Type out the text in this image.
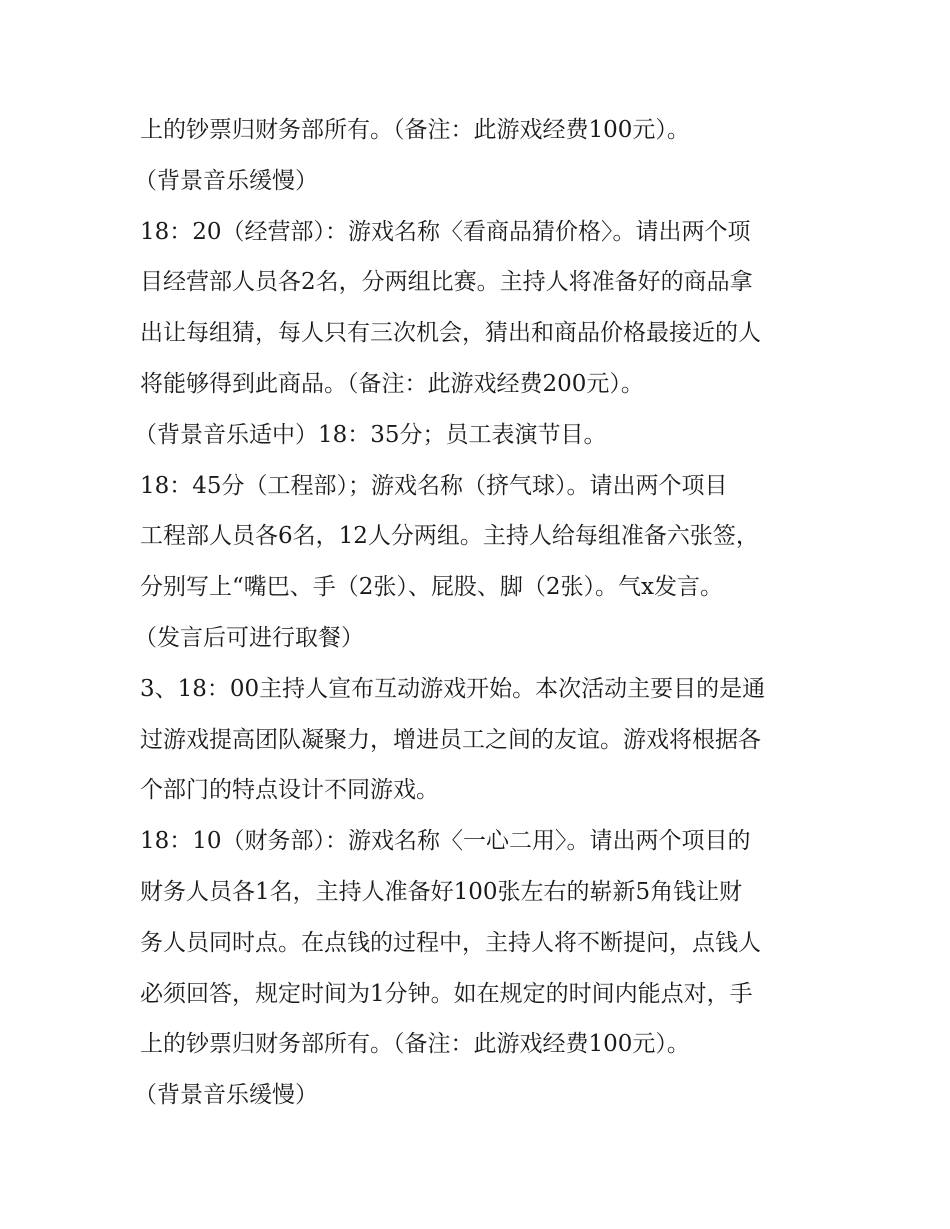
上的钞票归财务部所有。（备注：此游戏经费100元）。
（背景音乐缓慢）
18：20（经营部）：游戏名称〈看商品猜价格〉。请出两个项
目经营部人员各2名，分两组比赛。主持人将准备好的商品拿
出让每组猜，每人只有三次机会，猜出和商品价格最接近的人
将能够得到此商品。（备注：此游戏经费200元）。
（背景音乐适中）18：35分；员工表演节目。
18：45分（工程部）；游戏名称（挤气球）。请出两个项目
工程部人员各6名，12人分两组。主持人给每组准备六张签，
分别写上“嘴巴、手（2张）、屁股、脚（2张）。气x发言。
（发言后可进行取餐）
3、18：00主持人宣布互动游戏开始。本次活动主要目的是通
过游戏提高团队凝聚力，增进员工之间的友谊。游戏将根据各
个部门的特点设计不同游戏。
18：10（财务部）：游戏名称〈一心二用〉。请出两个项目的
财务人员各1名，主持人准备好100张左右的崭新5角钱让财
务人员同时点。在点钱的过程中，主持人将不断提问，点钱人
必须回答，规定时间为1分钟。如在规定的时间内能点对，手
上的钞票归财务部所有。（备注：此游戏经费100元）。
（背景音乐缓慢）
